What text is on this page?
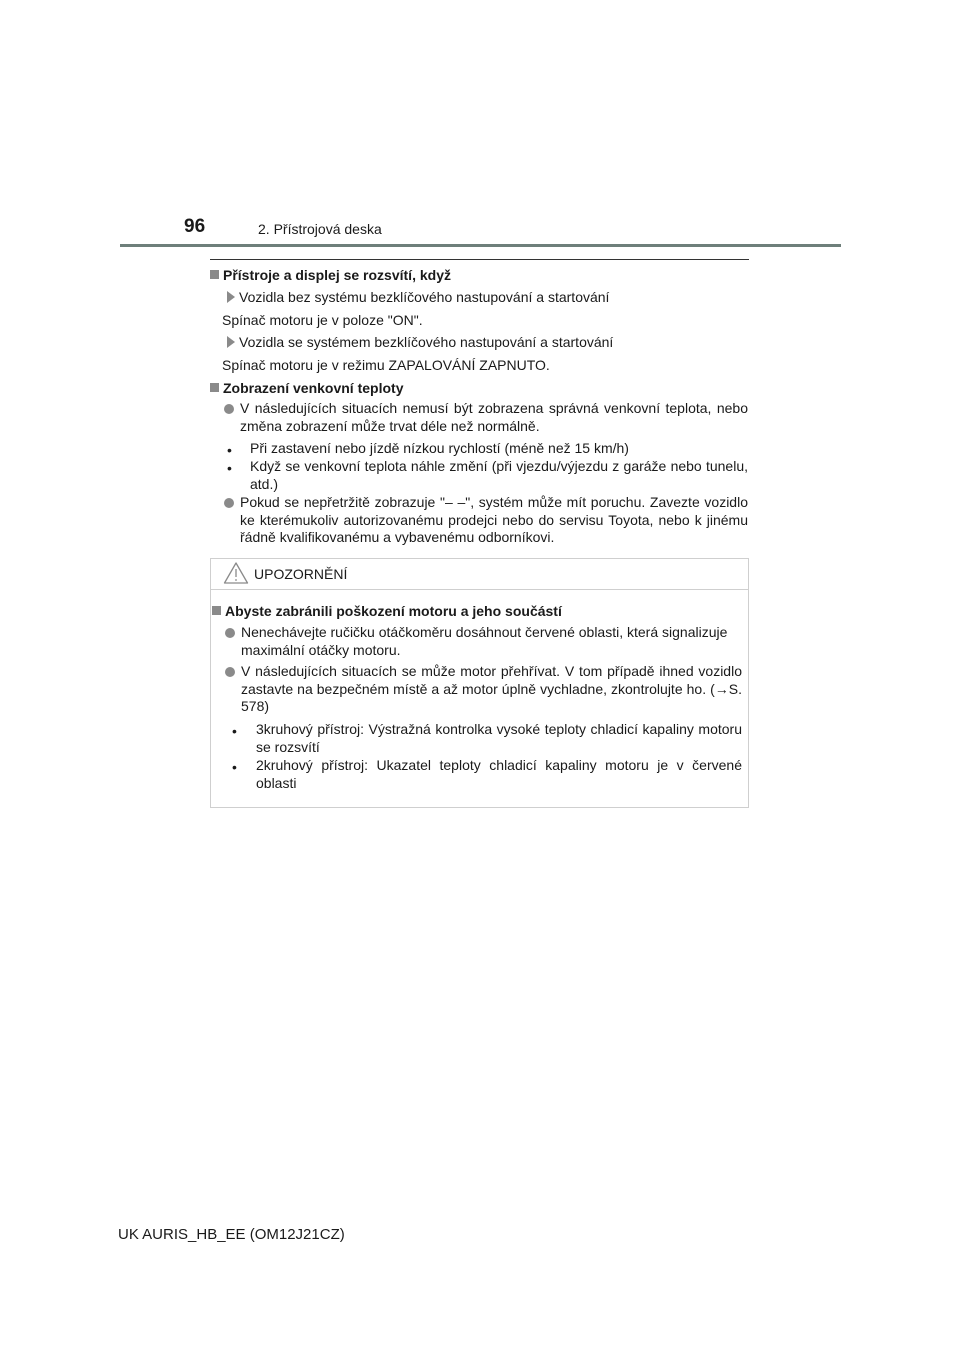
96	2. Přístrojová deska
Přístroje a displej se rozsvítí, když
Vozidla bez systému bezklíčového nastupování a startování
Spínač motoru je v poloze "ON".
Vozidla se systémem bezklíčového nastupování a startování
Spínač motoru je v režimu ZAPALOVÁNÍ ZAPNUTO.
Zobrazení venkovní teploty
V následujících situacích nemusí být zobrazena správná venkovní teplota, nebo změna zobrazení může trvat déle než normálně.
• Při zastavení nebo jízdě nízkou rychlostí (méně než 15 km/h)
• Když se venkovní teplota náhle změní (při vjezdu/výjezdu z garáže nebo tunelu, atd.)
Pokud se nepřetržitě zobrazuje "– –", systém může mít poruchu. Zavezte vozidlo ke kterémukoliv autorizovanému prodejci nebo do servisu Toyota, nebo k jinému řádně kvalifikovanému a vybavenému odborníkovi.
UPOZORNĚNÍ
Abyste zabránili poškození motoru a jeho součástí
Nenechávejte ručičku otáčkoměru dosáhnout červené oblasti, která signalizuje maximální otáčky motoru.
V následujících situacích se může motor přehřívat. V tom případě ihned vozidlo zastavte na bezpečném místě a až motor úplně vychladne, zkontrolujte ho. (→S. 578)
• 3kruhový přístroj: Výstražná kontrolka vysoké teploty chladicí kapaliny motoru se rozsvítí
• 2kruhový přístroj: Ukazatel teploty chladicí kapaliny motoru je v červené oblasti
UK AURIS_HB_EE (OM12J21CZ)
